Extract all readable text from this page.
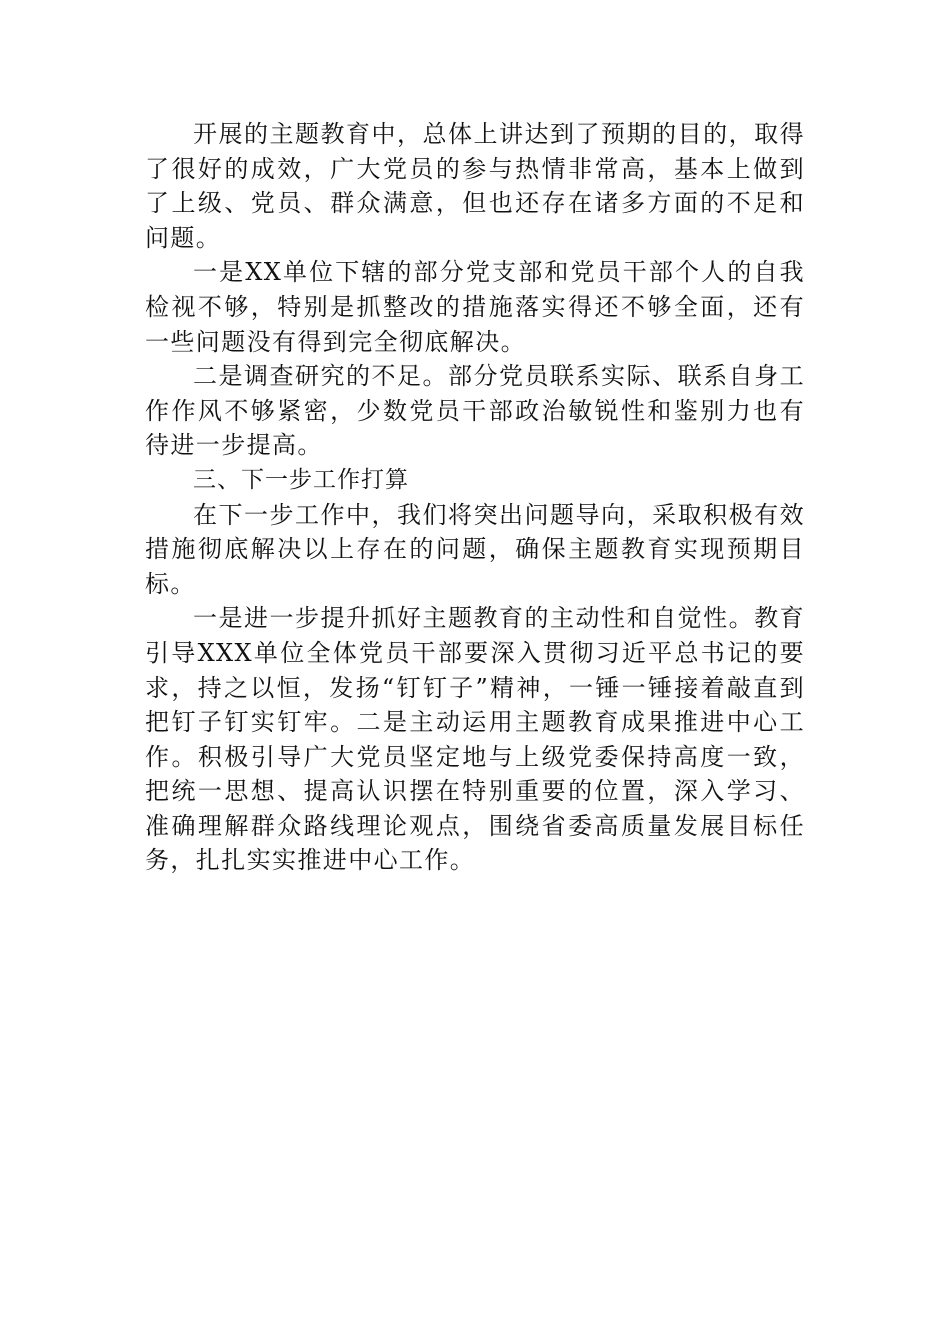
开展的主题教育中，总体上讲达到了预期的目的，取得了很好的成效，广大党员的参与热情非常高，基本上做到了上级、党员、群众满意，但也还存在诸多方面的不足和问题。

一是XX单位下辖的部分党支部和党员干部个人的自我检视不够，特别是抓整改的措施落实得还不够全面，还有一些问题没有得到完全彻底解决。

二是调查研究的不足。部分党员联系实际、联系自身工作作风不够紧密，少数党员干部政治敏锐性和鉴别力也有待进一步提高。

三、下一步工作打算

在下一步工作中，我们将突出问题导向，采取积极有效措施彻底解决以上存在的问题，确保主题教育实现预期目标。

一是进一步提升抓好主题教育的主动性和自觉性。教育引导XXX单位全体党员干部要深入贯彻习近平总书记的要求，持之以恒，发扬“钉钉子”精神，一锤一锤接着敲直到把钉子钉实钉牢。二是主动运用主题教育成果推进中心工作。积极引导广大党员坚定地与上级党委保持高度一致，把统一思想、提高认识摆在特别重要的位置，深入学习、准确理解群众路线理论观点，围绕省委高质量发展目标任务，扎扎实实推进中心工作。
